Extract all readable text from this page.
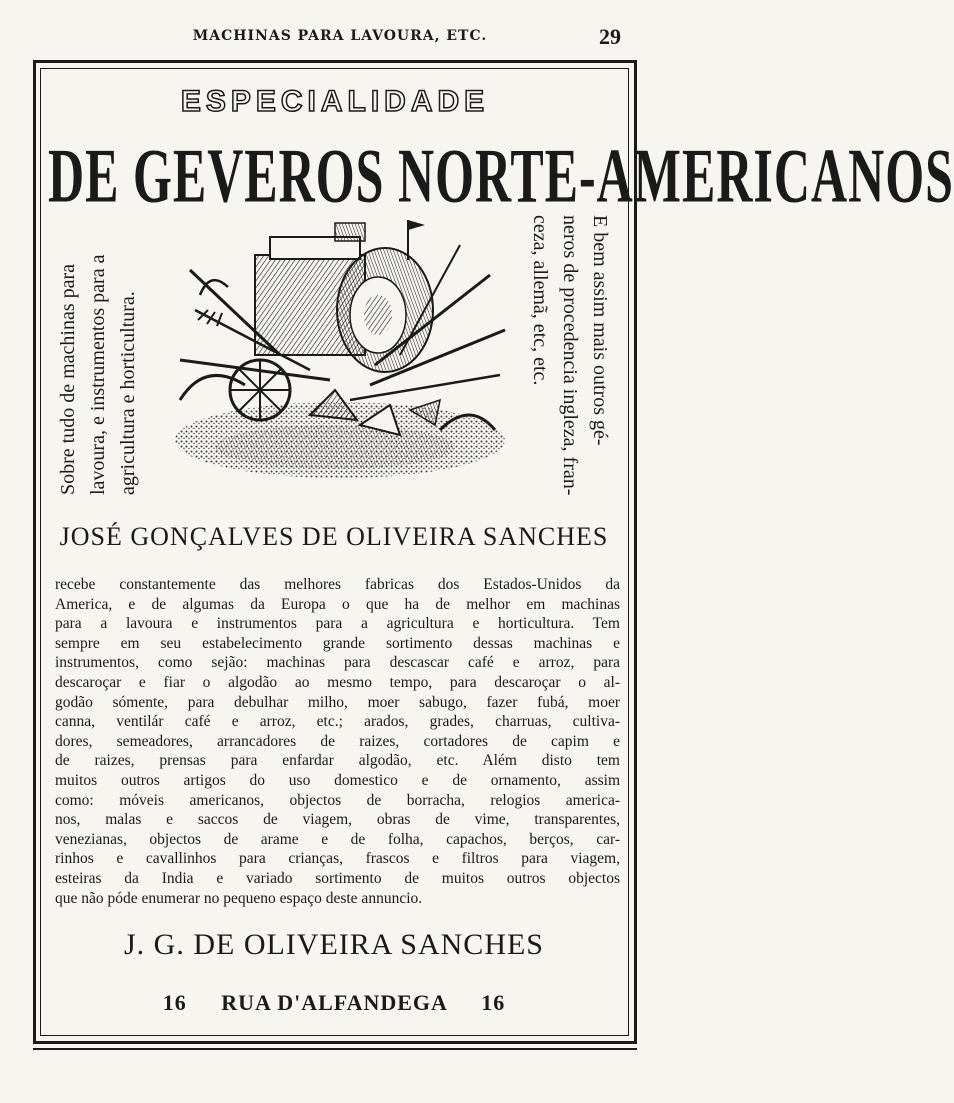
MACHINAS PARA LAVOURA, ETC.	29
ESPECIALIDADE
DE GEVEROS NORTE-AMERICANOS
Sobre tudo de machinas para lavoura, e instrumentos para a agricultura e horticultura.	E bem assim mais outros gé-
neros de procedencia ingleza, fran-
ceza, allemã, etc, etc.
JOSÉ GONÇALVES DE OLIVEIRA SANCHES
recebe constantemente das melhores fabricas dos Estados-Unidos da
America, e de algumas da Europa o que ha de melhor em machinas
para a lavoura e instrumentos para a agricultura e horticultura. Tem
sempre em seu estabelecimento grande sortimento dessas machinas e
instrumentos, como sejão: machinas para descascar café e arroz, para
descaroçar e fiar o algodão ao mesmo tempo, para descaroçar o al-
godão sómente, para debulhar milho, moer sabugo, fazer fubá, moer
canna, ventilár café e arroz, etc.; arados, grades, charruas, cultiva-
dores, semeadores, arrancadores de raizes, cortadores de capim e
de raizes, prensas para enfardar algodão, etc. Além disto tem
muitos outros artigos do uso domestico e de ornamento, assim
como: móveis americanos, objectos de borracha, relogios america-
nos, malas e saccos de viagem, obras de vime, transparentes,
venezianas, objectos de arame e de folha, capachos, berços, car-
rinhos e cavallinhos para crianças, frascos e filtros para viagem,
esteiras da India e variado sortimento de muitos outros objectos
que não póde enumerar no pequeno espaço deste annuncio.
J. G. DE OLIVEIRA SANCHES
16 RUA D'ALFANDEGA 16
